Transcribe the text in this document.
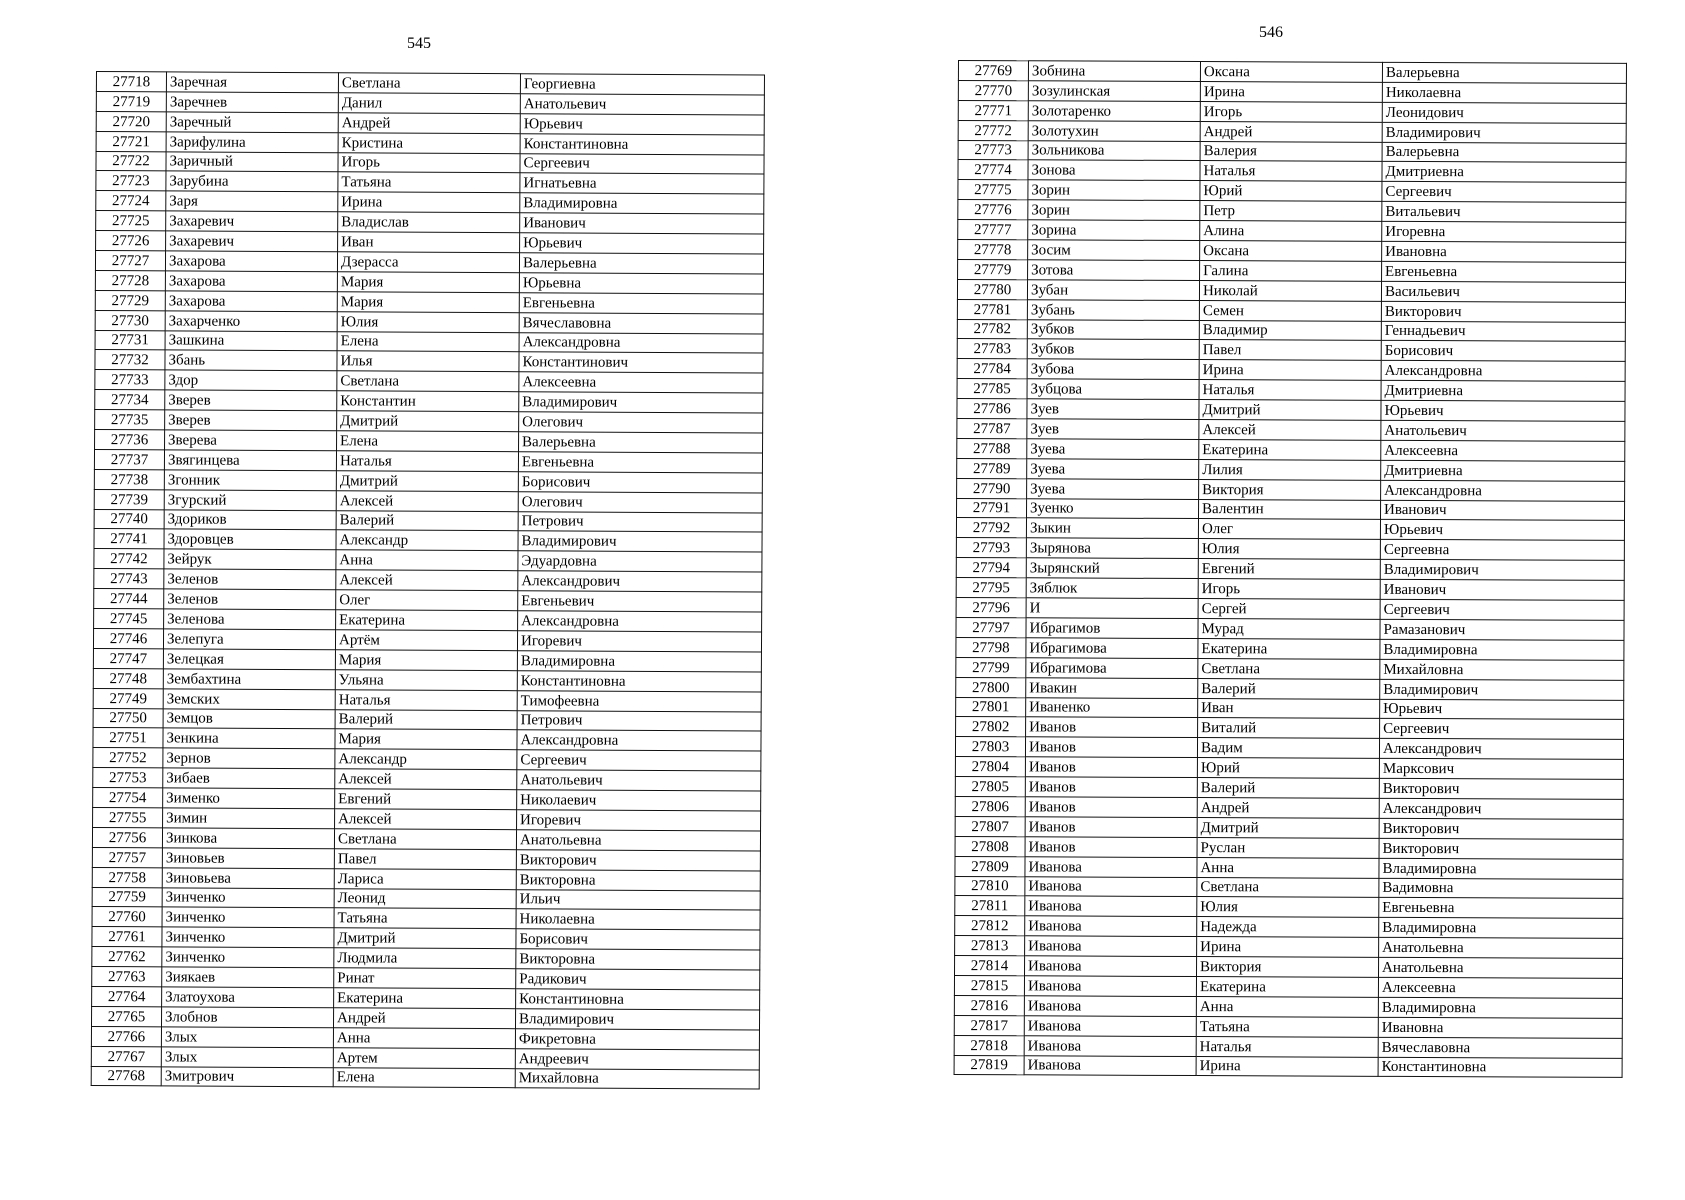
545
27718	Заречная	Светлана	Георгиевна
27719	Заречнев	Данил	Анатольевич
27720	Заречный	Андрей	Юрьевич
27721	Зарифулина	Кристина	Константиновна
27722	Заричный	Игорь	Сергеевич
27723	Зарубина	Татьяна	Игнатьевна
27724	Заря	Ирина	Владимировна
27725	Захаревич	Владислав	Иванович
27726	Захаревич	Иван	Юрьевич
27727	Захарова	Дзерасса	Валерьевна
27728	Захарова	Мария	Юрьевна
27729	Захарова	Мария	Евгеньевна
27730	Захарченко	Юлия	Вячеславовна
27731	Зашкина	Елена	Александровна
27732	Збань	Илья	Константинович
27733	Здор	Светлана	Алексеевна
27734	Зверев	Константин	Владимирович
27735	Зверев	Дмитрий	Олегович
27736	Зверева	Елена	Валерьевна
27737	Звягинцева	Наталья	Евгеньевна
27738	Згонник	Дмитрий	Борисович
27739	Згурский	Алексей	Олегович
27740	Здориков	Валерий	Петрович
27741	Здоровцев	Александр	Владимирович
27742	Зейрук	Анна	Эдуардовна
27743	Зеленов	Алексей	Александрович
27744	Зеленов	Олег	Евгеньевич
27745	Зеленова	Екатерина	Александровна
27746	Зелепуга	Артём	Игоревич
27747	Зелецкая	Мария	Владимировна
27748	Зембахтина	Ульяна	Константиновна
27749	Земских	Наталья	Тимофеевна
27750	Земцов	Валерий	Петрович
27751	Зенкина	Мария	Александровна
27752	Зернов	Александр	Сергеевич
27753	Зибаев	Алексей	Анатольевич
27754	Зименко	Евгений	Николаевич
27755	Зимин	Алексей	Игоревич
27756	Зинкова	Светлана	Анатольевна
27757	Зиновьев	Павел	Викторович
27758	Зиновьева	Лариса	Викторовна
27759	Зинченко	Леонид	Ильич
27760	Зинченко	Татьяна	Николаевна
27761	Зинченко	Дмитрий	Борисович
27762	Зинченко	Людмила	Викторовна
27763	Зиякаев	Ринат	Радикович
27764	Златоухова	Екатерина	Константиновна
27765	Злобнов	Андрей	Владимирович
27766	Злых	Анна	Фикретовна
27767	Злых	Артем	Андреевич
27768	Змитрович	Елена	Михайловна
546
27769	Зобнина	Оксана	Валерьевна
27770	Зозулинская	Ирина	Николаевна
27771	Золотаренко	Игорь	Леонидович
27772	Золотухин	Андрей	Владимирович
27773	Зольникова	Валерия	Валерьевна
27774	Зонова	Наталья	Дмитриевна
27775	Зорин	Юрий	Сергеевич
27776	Зорин	Петр	Витальевич
27777	Зорина	Алина	Игоревна
27778	Зосим	Оксана	Ивановна
27779	Зотова	Галина	Евгеньевна
27780	Зубан	Николай	Васильевич
27781	Зубань	Семен	Викторович
27782	Зубков	Владимир	Геннадьевич
27783	Зубков	Павел	Борисович
27784	Зубова	Ирина	Александровна
27785	Зубцова	Наталья	Дмитриевна
27786	Зуев	Дмитрий	Юрьевич
27787	Зуев	Алексей	Анатольевич
27788	Зуева	Екатерина	Алексеевна
27789	Зуева	Лилия	Дмитриевна
27790	Зуева	Виктория	Александровна
27791	Зуенко	Валентин	Иванович
27792	Зыкин	Олег	Юрьевич
27793	Зырянова	Юлия	Сергеевна
27794	Зырянский	Евгений	Владимирович
27795	Зяблюк	Игорь	Иванович
27796	И	Сергей	Сергеевич
27797	Ибрагимов	Мурад	Рамазанович
27798	Ибрагимова	Екатерина	Владимировна
27799	Ибрагимова	Светлана	Михайловна
27800	Ивакин	Валерий	Владимирович
27801	Иваненко	Иван	Юрьевич
27802	Иванов	Виталий	Сергеевич
27803	Иванов	Вадим	Александрович
27804	Иванов	Юрий	Марксович
27805	Иванов	Валерий	Викторович
27806	Иванов	Андрей	Александрович
27807	Иванов	Дмитрий	Викторович
27808	Иванов	Руслан	Викторович
27809	Иванова	Анна	Владимировна
27810	Иванова	Светлана	Вадимовна
27811	Иванова	Юлия	Евгеньевна
27812	Иванова	Надежда	Владимировна
27813	Иванова	Ирина	Анатольевна
27814	Иванова	Виктория	Анатольевна
27815	Иванова	Екатерина	Алексеевна
27816	Иванова	Анна	Владимировна
27817	Иванова	Татьяна	Ивановна
27818	Иванова	Наталья	Вячеславовна
27819	Иванова	Ирина	Константиновна
